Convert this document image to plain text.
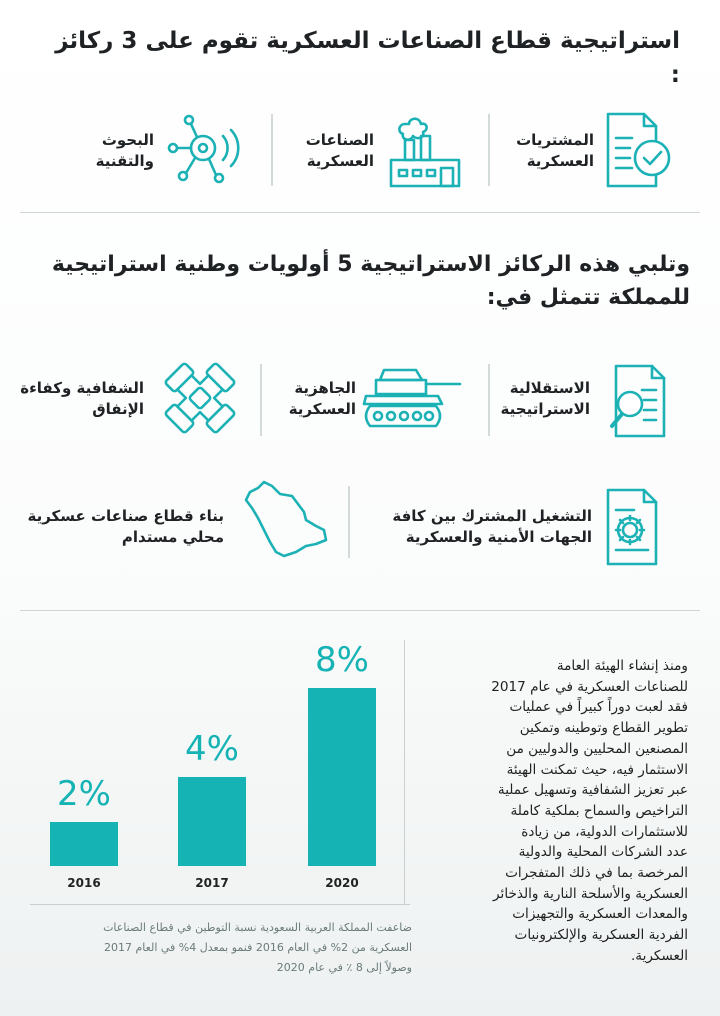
استراتيجية قطاع الصناعات العسكرية تقوم على 3 ركائز :
المشتريات
العسكرية
الصناعات
العسكرية
البحوث
والتقنية
وتلبي هذه الركائز الاستراتيجية 5 أولويات وطنية استراتيجية
للمملكة تتمثل في:
الاستقلالية
الاستراتيجية
الجاهزية
العسكرية
الشفافية وكفاءة
الإنفاق
التشغيل المشترك بين كافة
الجهات الأمنية والعسكرية
بناء قطاع صناعات عسكرية
محلي مستدام
2%
2016
4%
2017
8%
2020
ضاعفت المملكة العربية السعودية نسبة التوطين في قطاع الصناعات
العسكرية من 2% في العام 2016 فنمو بمعدل 4% في العام 2017
وصولاً إلى 8 ٪ في عام 2020
ومنذ إنشاء الهيئة العامة
للصناعات العسكرية في عام 2017
فقد لعبت دوراً كبيراً في عمليات
تطوير القطاع وتوطينه وتمكين
المصنعين المحليين والدوليين من
الاستثمار فيه، حيث تمكنت الهيئة
عبر تعزيز الشفافية وتسهيل عملية
التراخيص والسماح بملكية كاملة
للاستثمارات الدولية، من زيادة
عدد الشركات المحلية والدولية
المرخصة بما في ذلك المتفجرات
العسكرية والأسلحة النارية والذخائر
والمعدات العسكرية والتجهيزات
الفردية العسكرية والإلكترونيات
العسكرية.
